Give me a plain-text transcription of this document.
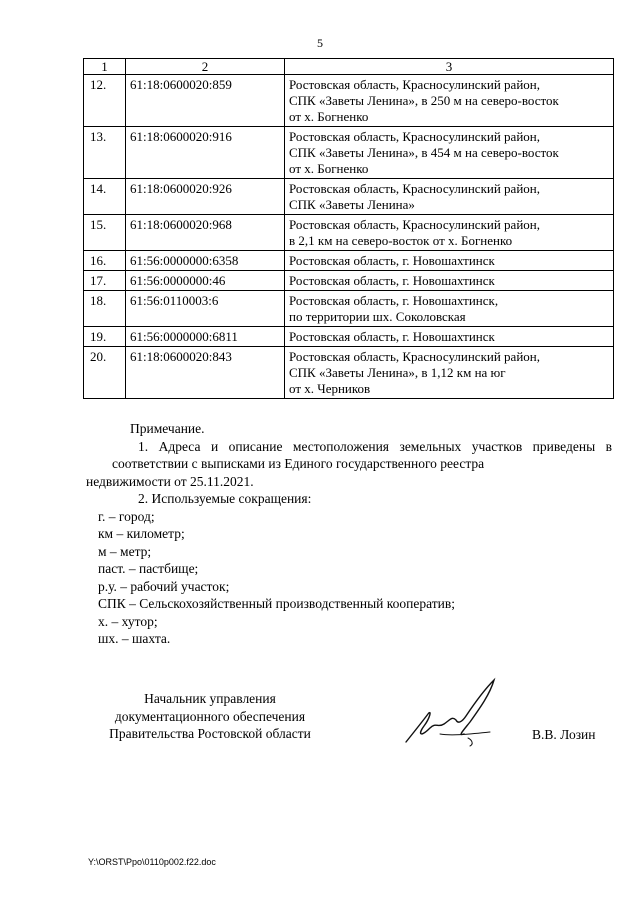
5
1	2	3
12.	61:18:0600020:859	Ростовская область, Красносулинский район,
СПК «Заветы Ленина», в 250 м на северо-восток
от х. Богненко

13.	61:18:0600020:916	Ростовская область, Красносулинский район,
СПК «Заветы Ленина», в 454 м на северо-восток
от х. Богненко

14.	61:18:0600020:926	Ростовская область, Красносулинский район,
СПК «Заветы Ленина»

15.	61:18:0600020:968	Ростовская область, Красносулинский район,
в 2,1 км на северо-восток от х. Богненко

16.	61:56:0000000:6358	Ростовская область, г. Новошахтинск

17.	61:56:0000000:46	Ростовская область, г. Новошахтинск

18.	61:56:0110003:6	Ростовская область, г. Новошахтинск,
по территории шх. Соколовская

19.	61:56:0000000:6811	Ростовская область, г. Новошахтинск

20.	61:18:0600020:843	Ростовская область, Красносулинский район,
СПК «Заветы Ленина», в 1,12 км на юг
от х. Черников

Примечание.

1. Адреса и описание местоположения земельных участков приведены в соответствии с выписками из Единого государственного реестра

недвижимости от 25.11.2021.

2. Используемые сокращения:

г. – город;

км – километр;

м – метр;

паст. – пастбище;

р.у. – рабочий участок;

СПК – Сельскохозяйственный производственный кооператив;

х. – хутор;

шх. – шахта.

Начальник управления
документационного обеспечения
Правительства Ростовской области	В.В. Лозин
Y:\ORST\Ppo\0110p002.f22.doc
